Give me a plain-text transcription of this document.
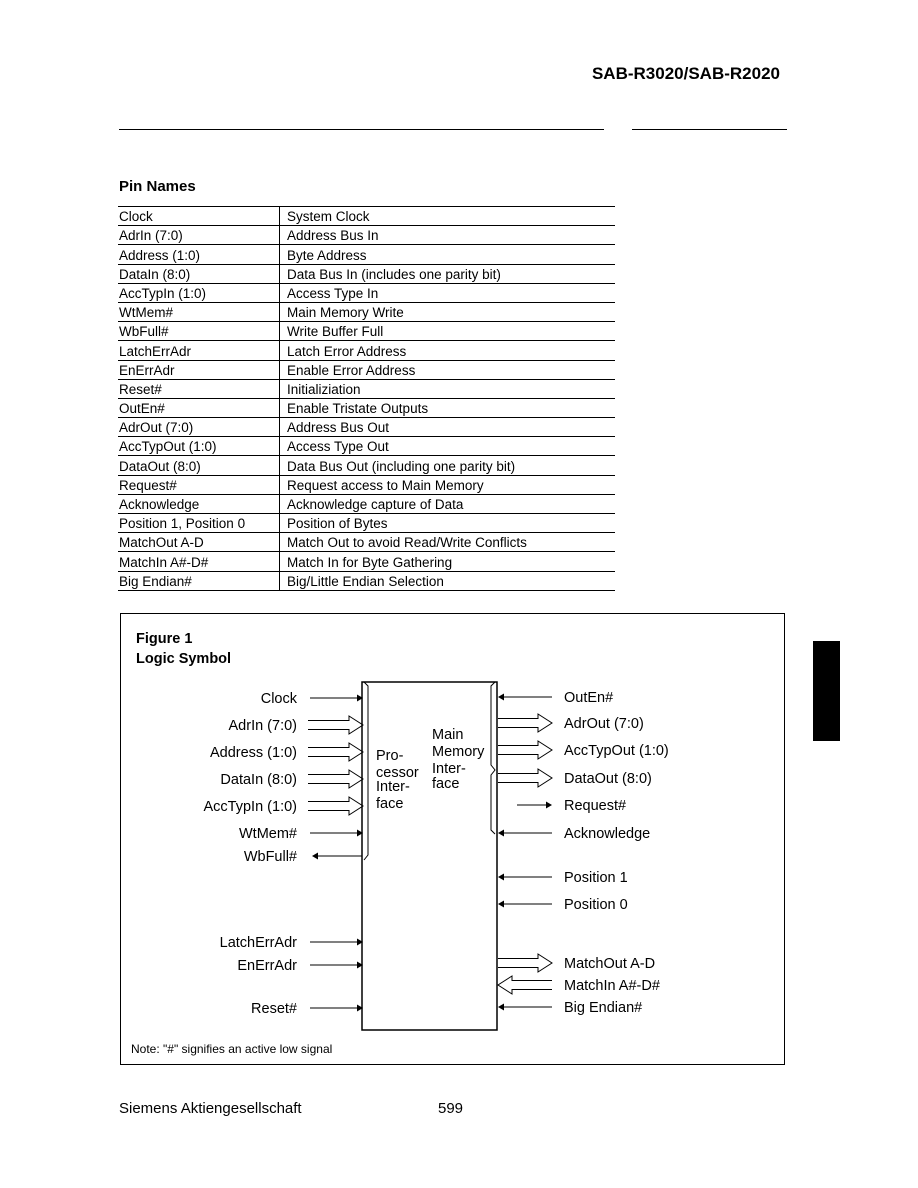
SAB-R3020/SAB-R2020
Pin Names
Clock	System Clock
AdrIn (7:0)	Address Bus In
Address (1:0)	Byte Address
DataIn (8:0)	Data Bus In (includes one parity bit)
AccTypIn (1:0)	Access Type In
WtMem#	Main Memory Write
WbFull#	Write Buffer Full
LatchErrAdr	Latch Error Address
EnErrAdr	Enable Error Address
Reset#	Initializiation
OutEn#	Enable Tristate Outputs
AdrOut (7:0)	Address Bus Out
AccTypOut (1:0)	Access Type Out
DataOut (8:0)	Data Bus Out (including one parity bit)
Request#	Request access to Main Memory
Acknowledge	Acknowledge capture of Data
Position 1, Position 0	Position of Bytes
MatchOut A-D	Match Out to avoid Read/Write Conflicts
MatchIn A#-D#	Match In for Byte Gathering
Big Endian#	Big/Little Endian Selection
Figure 1
Logic Symbol
Pro-
cessor
Inter-
face
Main
Memory
Inter-
face
Clock
AdrIn (7:0)
Address (1:0)
DataIn (8:0)
AccTypIn (1:0)
WtMem#
WbFull#
LatchErrAdr
EnErrAdr
Reset#
OutEn#
AdrOut (7:0)
AccTypOut (1:0)
DataOut (8:0)
Request#
Acknowledge
Position 1
Position 0
MatchOut A-D
MatchIn A#-D#
Big Endian#
Note: "#" signifies an active low signal
Siemens Aktiengesellschaft	599
